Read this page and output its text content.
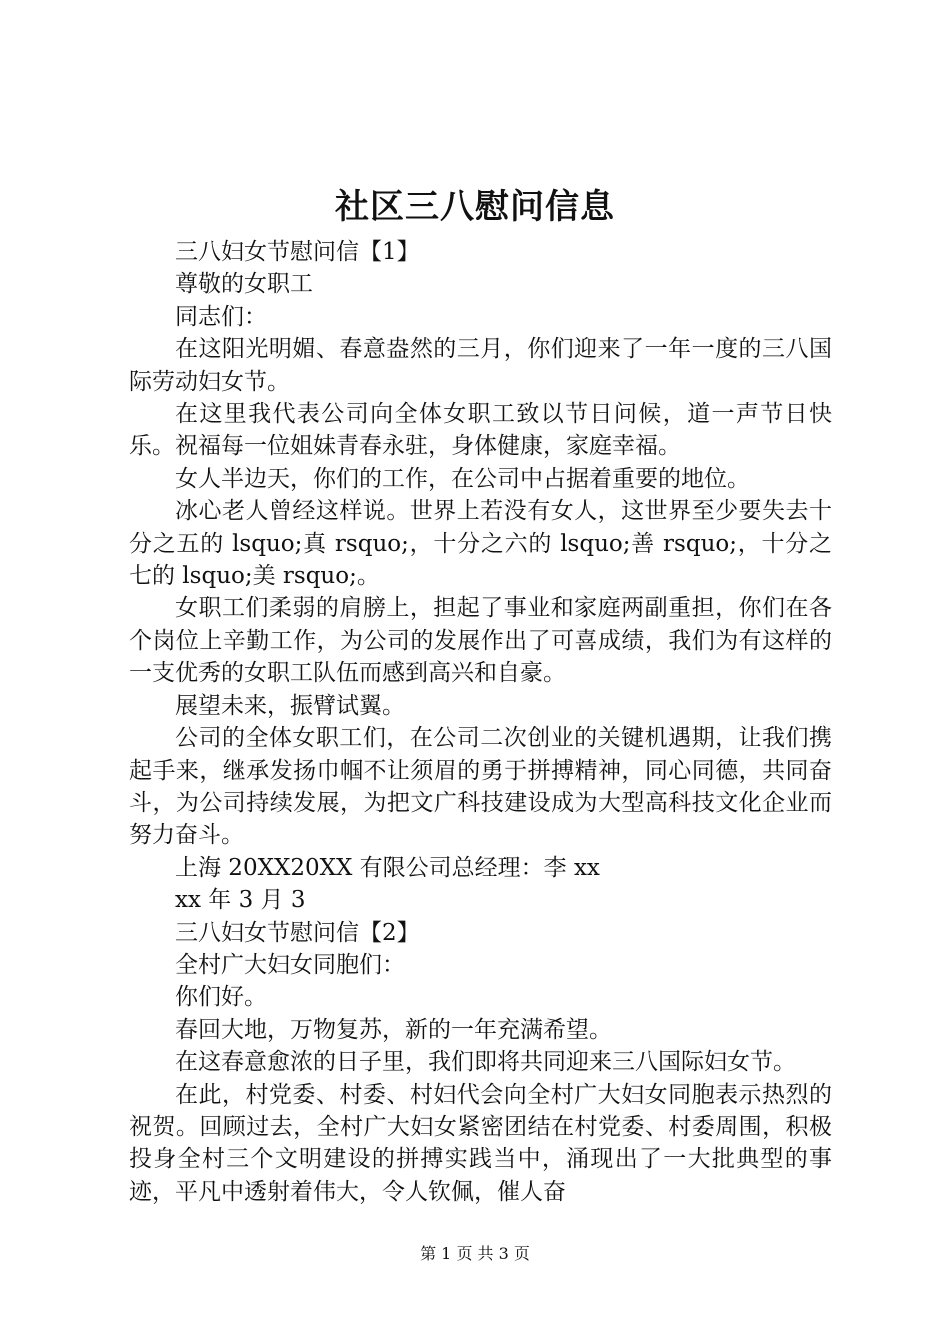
社区三八慰问信息

三八妇女节慰问信【1】

尊敬的女职工

同志们：

在这阳光明媚、春意盎然的三月，你们迎来了一年一度的三八国际劳动妇女节。

在这里我代表公司向全体女职工致以节日问候，道一声节日快乐。祝福每一位姐妹青春永驻，身体健康，家庭幸福。

女人半边天，你们的工作，在公司中占据着重要的地位。

冰心老人曾经这样说。世界上若没有女人，这世界至少要失去十分之五的 lsquo;真 rsquo;，十分之六的 lsquo;善 rsquo;，十分之七的 lsquo;美 rsquo;。

女职工们柔弱的肩膀上，担起了事业和家庭两副重担，你们在各个岗位上辛勤工作，为公司的发展作出了可喜成绩，我们为有这样的一支优秀的女职工队伍而感到高兴和自豪。

展望未来，振臂试翼。

公司的全体女职工们，在公司二次创业的关键机遇期，让我们携起手来，继承发扬巾帼不让须眉的勇于拼搏精神，同心同德，共同奋斗，为公司持续发展，为把文广科技建设成为大型高科技文化企业而努力奋斗。

上海 20XX20XX 有限公司总经理：李 xx

xx 年 3 月 3

三八妇女节慰问信【2】

全村广大妇女同胞们：

你们好。

春回大地，万物复苏，新的一年充满希望。

在这春意愈浓的日子里，我们即将共同迎来三八国际妇女节。

在此，村党委、村委、村妇代会向全村广大妇女同胞表示热烈的祝贺。回顾过去，全村广大妇女紧密团结在村党委、村委周围，积极投身全村三个文明建设的拼搏实践当中，涌现出了一大批典型的事迹，平凡中透射着伟大，令人钦佩，催人奋

第 1 页 共 3 页
